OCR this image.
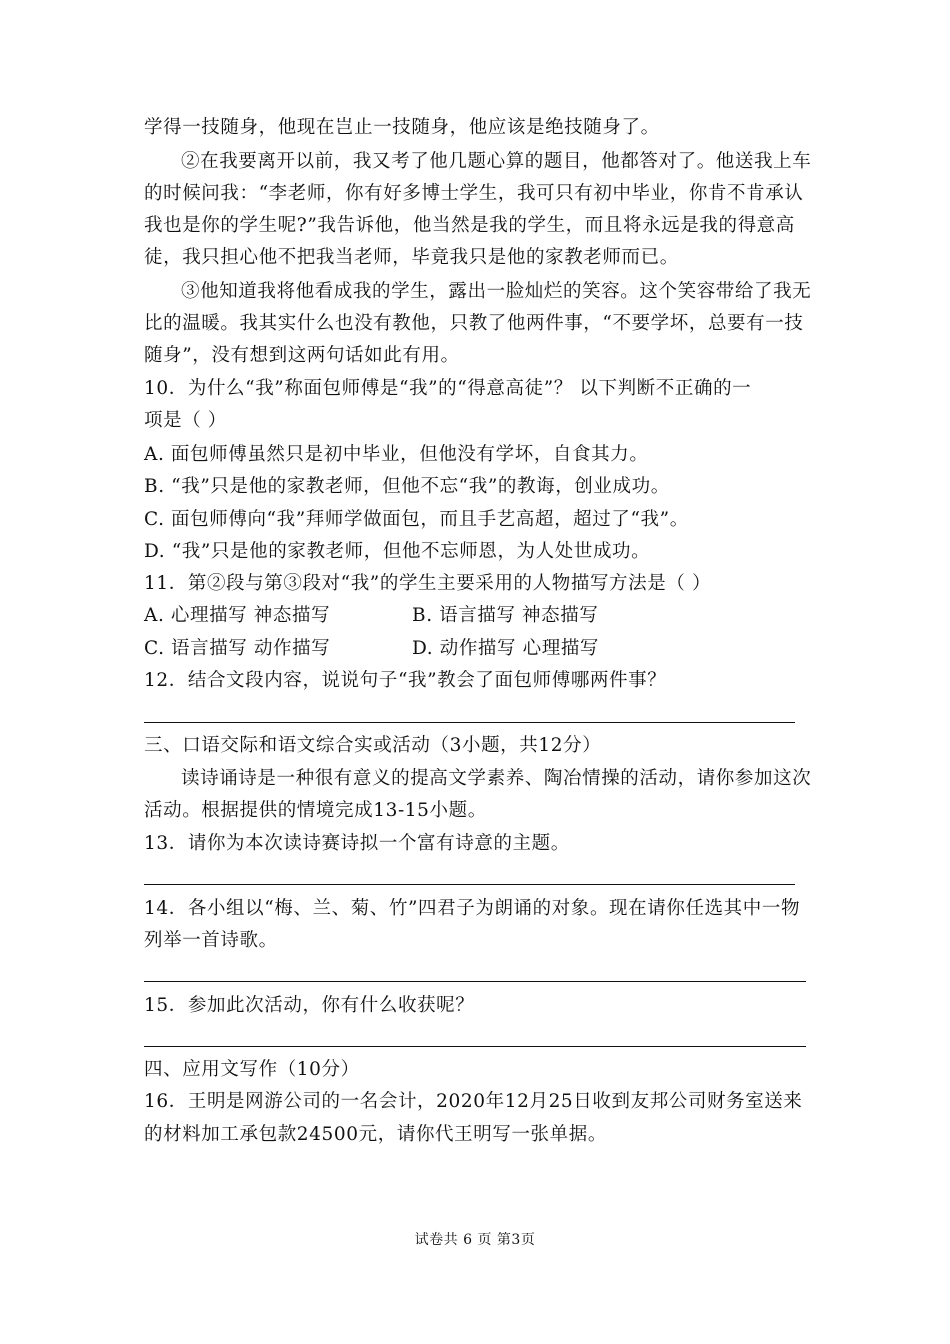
学得一技随身，他现在岂止一技随身，他应该是绝技随身了。
②在我要离开以前，我又考了他几题心算的题目，他都答对了。他送我上车
的时候问我：“李老师，你有好多博士学生，我可只有初中毕业，你肯不肯承认
我也是你的学生呢?”我告诉他，他当然是我的学生，而且将永远是我的得意高
徒，我只担心他不把我当老师，毕竟我只是他的家教老师而已。
③他知道我将他看成我的学生，露出一脸灿烂的笑容。这个笑容带给了我无
比的温暖。我其实什么也没有教他，只教了他两件事，“不要学坏，总要有一技
随身”，没有想到这两句话如此有用。
10．为什么“我”称面包师傅是“我”的“得意高徒”？ 以下判断不正确的一
项是（ ）
A. 面包师傅虽然只是初中毕业，但他没有学坏，自食其力。
B. “我”只是他的家教老师，但他不忘“我”的教诲，创业成功。
C. 面包师傅向“我”拜师学做面包，而且手艺高超，超过了“我”。
D. “我”只是他的家教老师，但他不忘师恩，为人处世成功。
11．第②段与第③段对“我”的学生主要采用的人物描写方法是（ ）
A. 心理描写 神态描写	B. 语言描写 神态描写
C. 语言描写 动作描写	D. 动作描写 心理描写
12．结合文段内容，说说句子“我”教会了面包师傅哪两件事？
三、口语交际和语文综合实或活动（3小题，共12分）
读诗诵诗是一种很有意义的提高文学素养、陶冶情操的活动，请你参加这次
活动。根据提供的情境完成13-15小题。
13．请你为本次读诗赛诗拟一个富有诗意的主题。
14．各小组以“梅、兰、菊、竹”四君子为朗诵的对象。现在请你任选其中一物
列举一首诗歌。
15．参加此次活动，你有什么收获呢？
四、应用文写作（10分）
16．王明是网游公司的一名会计，2020年12月25日收到友邦公司财务室送来
的材料加工承包款24500元，请你代王明写一张单据。
试卷共 6 页 第3页
